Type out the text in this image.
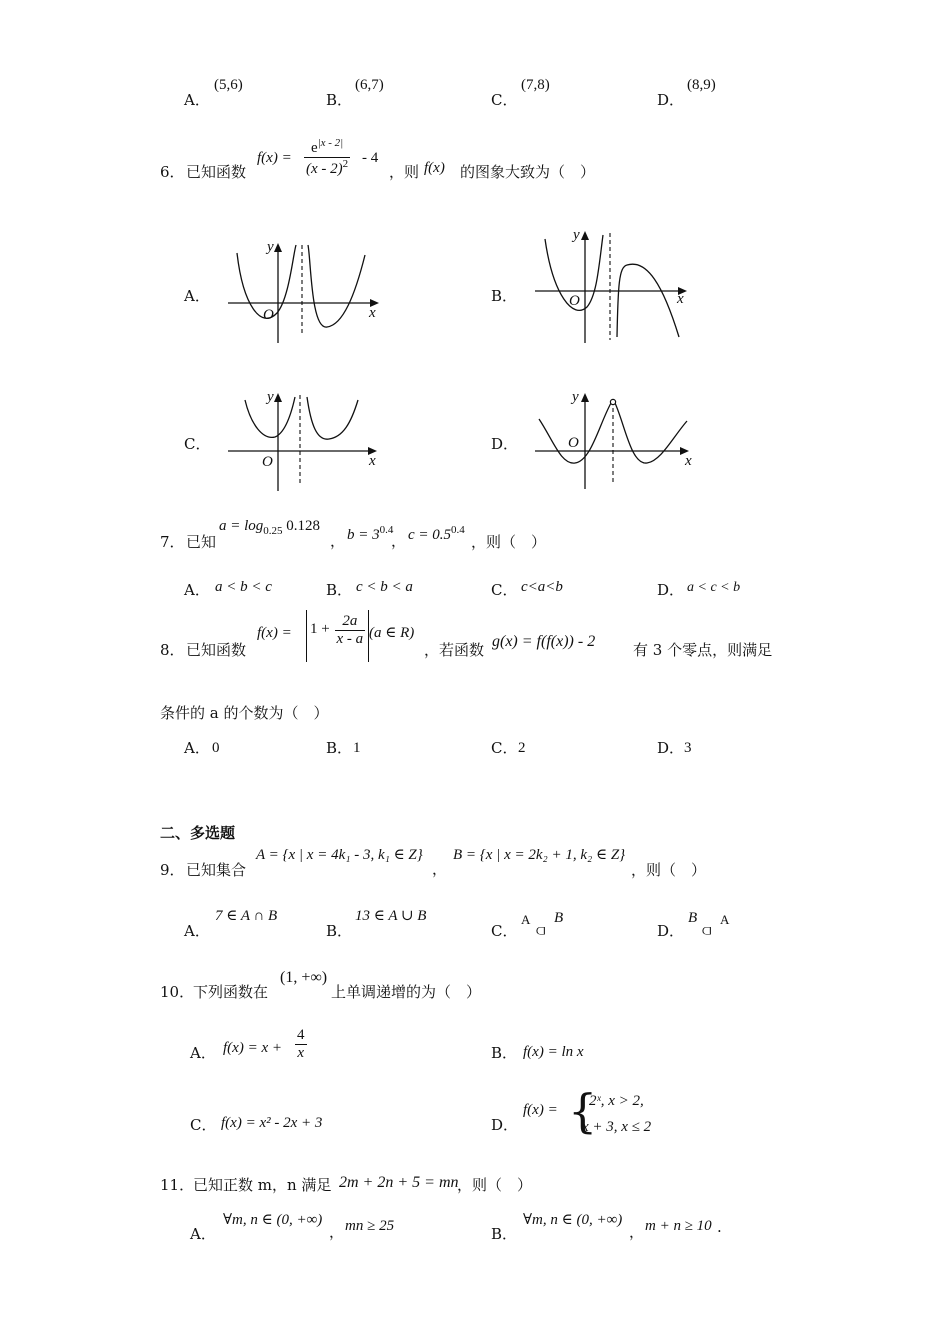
A．
(5,6)
B．
(6,7)
C．
(7,8)
D．
(8,9)
6． 已知函数
$f(x) = \frac{e^{|x - 2|}}{(x - 2)^2} - 4$
，则 f(x) 的图象大致为（　）
A．	B．
C．	D．
O
y
x
O
y
x
O
y
x
O
y
x
7． 已知
$a = \log_{0.25} 0.128$
， $b = 3^{0.4}$
， $c = 0.5^{0.4}$
，则（　）
A． a < b < c	B． c < b < a	C． c<a<b	D． a < c < b
8． 已知函数
$f(x) = 1 + \frac{2a}{x - a} (a$ ∈ R)
，若函数 g(x) = f(f(x)) - 2	有 3 个零点，则满足
条件的 a 的个数为（　）
A． 0	B． 1	C． 2	D． 3
二、多选题
9． 已知集合
A = {x | x = 4k₁ - 3, k₁ ∈ Z}
，
B = {x | x = 2k₂ + 1, k₂ ∈ Z}
，则（　）
A．
7 ∈ A ∩ B
B．
13 ∈ A ∪ B
C．
A
⫏
B
D．
B
⫏
A
10．
下列函数在
(1, +∞)
上单调递增的为（　）
A． $f(x) = x + \frac{4}{x}$	B． f(x) = ln x
C． f(x) = x² - 2x + 3	D．
f(x) = {
2ˣ, x > 2,
x + 3, x ≤ 2
11．
已知正数 m，n 满足 2m + 2n + 5 = mn
，则（　）
A．
∀m, n ∈ (0, +∞)
， mn ≥ 25	B．
∀m, n ∈ (0, +∞)
， m + n ≥ 10 .
